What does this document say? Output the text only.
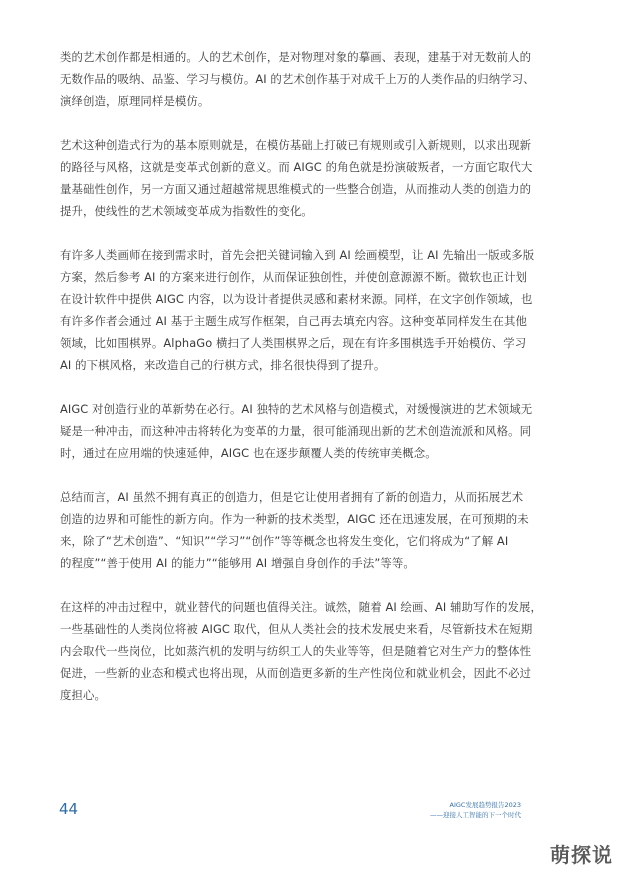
类的艺术创作都是相通的。人的艺术创作，是对物理对象的摹画、表现，建基于对无数前人的
无数作品的吸纳、品鉴、学习与模仿。AI 的艺术创作基于对成千上万的人类作品的归纳学习、
演绎创造，原理同样是模仿。

艺术这种创造式行为的基本原则就是，在模仿基础上打破已有规则或引入新规则，以求出现新
的路径与风格，这就是变革式创新的意义。而 AIGC 的角色就是扮演破叛者，一方面它取代大
量基础性创作，另一方面又通过超越常规思维模式的一些整合创造，从而推动人类的创造力的
提升，使线性的艺术领域变革成为指数性的变化。

有许多人类画师在接到需求时，首先会把关键词输入到 AI 绘画模型，让 AI 先输出一版或多版
方案，然后参考 AI 的方案来进行创作，从而保证独创性，并使创意源源不断。微软也正计划
在设计软件中提供 AIGC 内容，以为设计者提供灵感和素材来源。同样，在文字创作领域，也
有许多作者会通过 AI 基于主题生成写作框架，自己再去填充内容。这种变革同样发生在其他
领域，比如围棋界。AlphaGo 横扫了人类围棋界之后，现在有许多围棋选手开始模仿、学习
AI 的下棋风格，来改造自己的行棋方式，排名很快得到了提升。

AIGC 对创造行业的革新势在必行。AI 独特的艺术风格与创造模式，对缓慢演进的艺术领域无
疑是一种冲击，而这种冲击将转化为变革的力量，很可能涌现出新的艺术创造流派和风格。同
时，通过在应用端的快速延伸，AIGC 也在逐步颠覆人类的传统审美概念。

总结而言，AI 虽然不拥有真正的创造力，但是它让使用者拥有了新的创造力，从而拓展艺术
创造的边界和可能性的新方向。作为一种新的技术类型，AIGC 还在迅速发展，在可预期的未
来，除了“艺术创造”、“知识”“学习”“创作”等等概念也将发生变化，它们将成为“了解 AI
的程度”“善于使用 AI 的能力”“能够用 AI 增强自身创作的手法”等等。

在这样的冲击过程中，就业替代的问题也值得关注。诚然，随着 AI 绘画、AI 辅助写作的发展，
一些基础性的人类岗位将被 AIGC 取代，但从人类社会的技术发展史来看，尽管新技术在短期
内会取代一些岗位，比如蒸汽机的发明与纺织工人的失业等等，但是随着它对生产力的整体性
促进，一些新的业态和模式也将出现，从而创造更多新的生产性岗位和就业机会，因此不必过
度担心。

44	AIGC发展趋势报告2023
——迎接人工智能的下一个时代
萌探说
